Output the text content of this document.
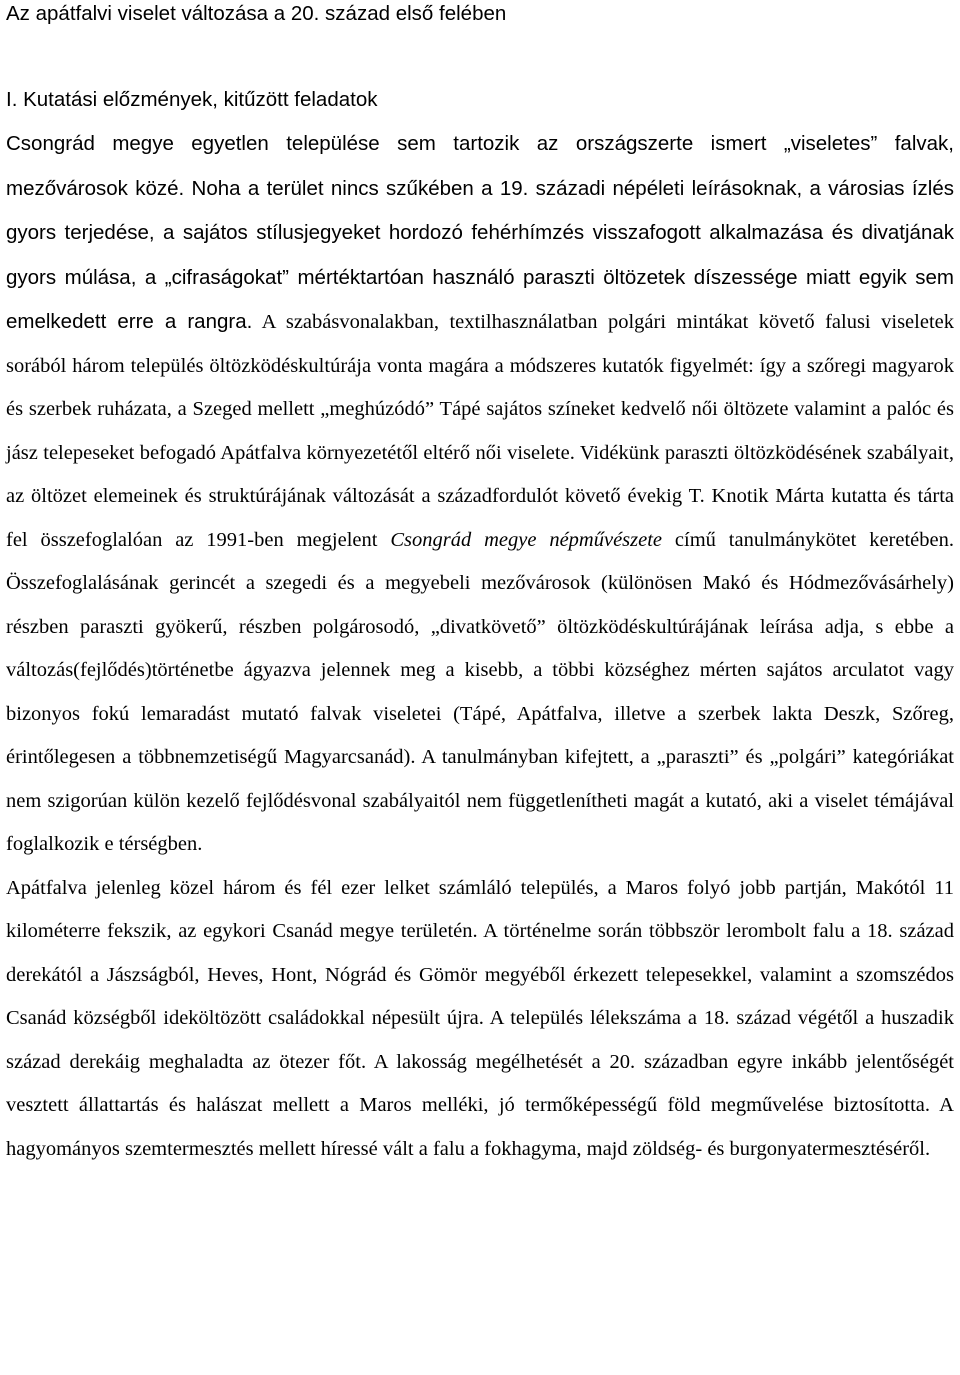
Az apátfalvi viselet változása a 20. század első felében
I. Kutatási előzmények, kitűzött feladatok

Csongrád megye egyetlen települése sem tartozik az országszerte ismert „viseletes” falvak, mezővárosok közé. Noha a terület nincs szűkében a 19. századi népéleti leírásoknak, a városias ízlés gyors terjedése, a sajátos stílusjegyeket hordozó fehérhímzés visszafogott alkalmazása és divatjának gyors múlása, a „cifraságokat” mértéktartóan használó paraszti öltözetek díszessége miatt egyik sem emelkedett erre a rangra. A szabásvonalakban, textilhasználatban polgári mintákat követő falusi viseletek sorából három település öltözködéskultúrája vonta magára a módszeres kutatók figyelmét: így a szőregi magyarok és szerbek ruházata, a Szeged mellett „meghúzódó” Tápé sajátos színeket kedvelő női öltözete valamint a palóc és jász telepeseket befogadó Apátfalva környezetétől eltérő női viselete. Vidékünk paraszti öltözködésének szabályait, az öltözet elemeinek és struktúrájának változását a századfordulót követő évekig T. Knotik Márta kutatta és tárta fel összefoglalóan az 1991-ben megjelent Csongrád megye népművészete című tanulmánykötet keretében. Összefoglalásának gerincét a szegedi és a megyebeli mezővárosok (különösen Makó és Hódmezővásárhely) részben paraszti gyökerű, részben polgárosodó, „divatkövető” öltözködéskultúrájának leírása adja, s ebbe a változás(fejlődés)történetbe ágyazva jelennek meg a kisebb, a többi községhez mérten sajátos arculatot vagy bizonyos fokú lemaradást mutató falvak viseletei (Tápé, Apátfalva, illetve a szerbek lakta Deszk, Szőreg, érintőlegesen a többnemzetiségű Magyarcsanád). A tanulmányban kifejtett, a „paraszti” és „polgári” kategóriákat nem szigorúan külön kezelő fejlődésvonal szabályaitól nem függetlenítheti magát a kutató, aki a viselet témájával foglalkozik e térségben.

Apátfalva jelenleg közel három és fél ezer lelket számláló település, a Maros folyó jobb partján, Makótól 11 kilométerre fekszik, az egykori Csanád megye területén. A történelme során többször lerombolt falu a 18. század derekától a Jászságból, Heves, Hont, Nógrád és Gömör megyéből érkezett telepesekkel, valamint a szomszédos Csanád községből ideköltözött családokkal népesült újra. A település lélekszáma a 18. század végétől a huszadik század derekáig meghaladta az ötezer főt. A lakosság megélhetését a 20. században egyre inkább jelentőségét vesztett állattartás és halászat mellett a Maros melléki, jó termőképességű föld megművelése biztosította. A hagyományos szemtermesztés mellett híressé vált a falu a fokhagyma, majd zöldség- és burgonyatermesztéséről.
